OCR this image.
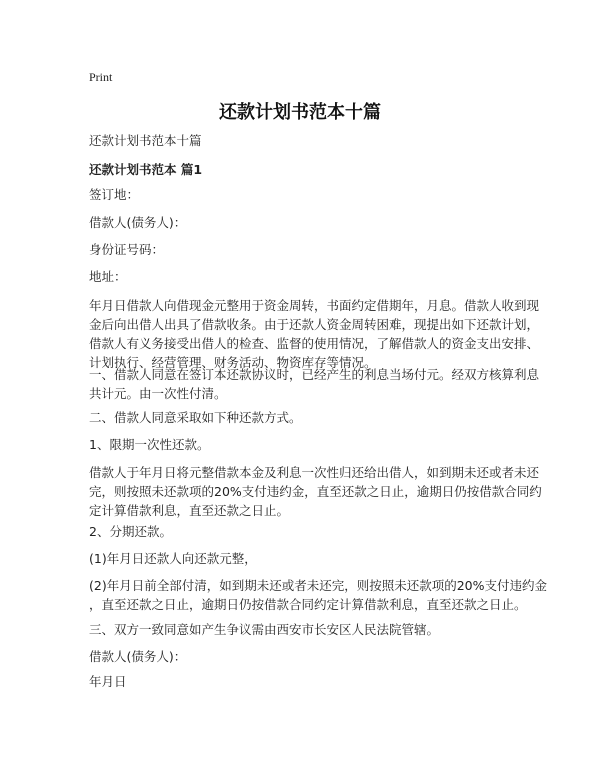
Print
还款计划书范本十篇
还款计划书范本十篇
还款计划书范本 篇1
签订地：
借款人(债务人)：
身份证号码：
地址：
年月日借款人向借现金元整用于资金周转，书面约定借期年，月息。借款人收到现
金后向出借人出具了借款收条。由于还款人资金周转困难，现提出如下还款计划，
借款人有义务接受出借人的检查、监督的使用情况，了解借款人的资金支出安排、
计划执行、经营管理、财务活动、物资库存等情况。
一、借款人同意在签订本还款协议时，已经产生的利息当场付元。经双方核算利息
共计元。由一次性付清。
二、借款人同意采取如下种还款方式。
1、限期一次性还款。
借款人于年月日将元整借款本金及利息一次性归还给出借人，如到期未还或者未还
完，则按照未还款项的20%支付违约金，直至还款之日止，逾期日仍按借款合同约
定计算借款利息，直至还款之日止。
2、分期还款。
(1)年月日还款人向还款元整，
(2)年月日前全部付清，如到期未还或者未还完，则按照未还款项的20%支付违约金
，直至还款之日止，逾期日仍按借款合同约定计算借款利息，直至还款之日止。
三、双方一致同意如产生争议需由西安市长安区人民法院管辖。
借款人(债务人)：
年月日
